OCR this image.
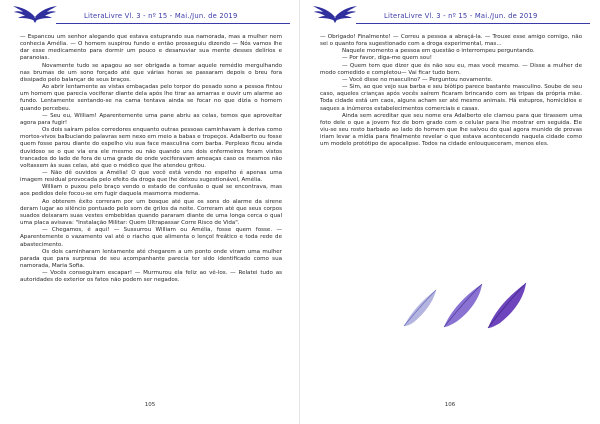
LiteraLivre Vl. 3 - nº 15 - Mai./Jun. de 2019

— Espancou um senhor alegando que estava estuprando sua namorada, mas a mulher nem conhecia Amélia. — O homem suspirou fundo e então prosseguiu dizendo — Nós vamos lhe dar esse medicamento para dormir um pouco e desanuviar sua mente desses delírios e paranoias.

Novamente tudo se apagou ao ser obrigada a tomar aquele remédio mergulhando nas brumas de um sono forçado até que várias horas se passaram depois o breu fora dissipado pelo balançar de seus braços.

Ao abrir lentamente as vistas embaçadas pelo torpor do pesado sono a pessoa fintou um homem que parecia vociferar diante dela após lhe tirar as amarras e ouvir um alarme ao fundo. Lentamente sentando-se na cama tentava ainda se focar no que dizia o homem quando percebeu.

— Seu eu, William! Aparentemente uma pane abriu as celas, temos que aproveitar agora para fugir!

Os dois saíram pelos corredores enquanto outras pessoas caminhavam à deriva como mortos-vivos balbuciando palavras sem nexo em meio a babas e tropeços. Adalberto ou fosse quem fosse parou diante do espelho viu sua face masculina com barba. Perplexo ficou ainda duvidoso se o que via era ele mesmo ou não quando uns dois enfermeiros foram vistos trancados do lado de fora de uma grade de onde vociferavam ameaças caso os mesmos não voltassem às suas celas, até que o médico que lhe atendeu gritou.

— Não dê ouvidos a Amélia! O que você está vendo no espelho é apenas uma imagem residual provocada pelo efeito da droga que lhe deixou sugestionável, Amélia.

William o puxou pelo braço vendo o estado de confusão o qual se encontrava, mas aos pedidos dele focou-se em fugir daquela masmorra moderna.

Ao obterem êxito correram por um bosque até que os sons do alarme da sirene deram lugar ao silêncio pontuado pelo som de grilos da noite. Correram até que seus corpos suados deixaram suas vestes embebidas quando pararam diante de uma longa cerca o qual uma placa avisava: "Instalação Militar: Quem Ultrapassar Corre Risco de Vida".

— Chegamos, é aqui! — Sussurrou William ou Amélia, fosse quem fosse. — Aparentemente o vazamento vai até o riacho que alimenta o lençol freático e toda rede de abastecimento.

Os dois caminharam lentamente até chegarem a um ponto onde viram uma mulher parada que para surpresa de seu acompanhante parecia ter sido identificado como sua namorada, Maria Sofia.

— Vocês conseguiram escapar! — Murmurou ela feliz ao vê-los. — Relatei tudo as autoridades do exterior os fatos não podem ser negados.

105
LiteraLivre Vl. 3 - nº 15 - Mai./Jun. de 2019

— Obrigado! Finalmente! — Correu a pessoa a abraçá-la. — Trouxe esse amigo comigo, não sei o quanto fora sugestionado com a droga experimental, mas...

Naquele momento a pessoa em questão o interrompeu perguntando.

— Por favor, diga-me quem sou!

— Quem tem que dizer que és não sou eu, mas você mesmo. — Disse a mulher de modo comedido e completou— Vai ficar tudo bem.

— Você disse no masculino? — Perguntou novamente.

— Sim, ao que vejo sua barba e seu bíótipo parece bastante masculino. Soube de seu caso, aqueles crianças após vocês saírem ficaram brincando com as tripas da própria mãe. Toda cidade está um caos, alguns acham ser até mesmo animais. Há estupros, homicídios e saques a inúmeros estabelecimentos comerciais e casas.

Ainda sem acreditar que seu nome era Adalberto ele clamou para que tirassem uma foto dele o que a jovem fez de bom grado com o celular para lhe mostrar em seguida. Ele viu-se seu rosto barbado ao lado do homem que lhe salvou do qual agora munido de provas iriam levar a mídia para finalmente revelar o que estava acontecendo naquela cidade como um modelo protótipo de apocalipse. Todos na cidade enlouqueceram, menos eles.

106
